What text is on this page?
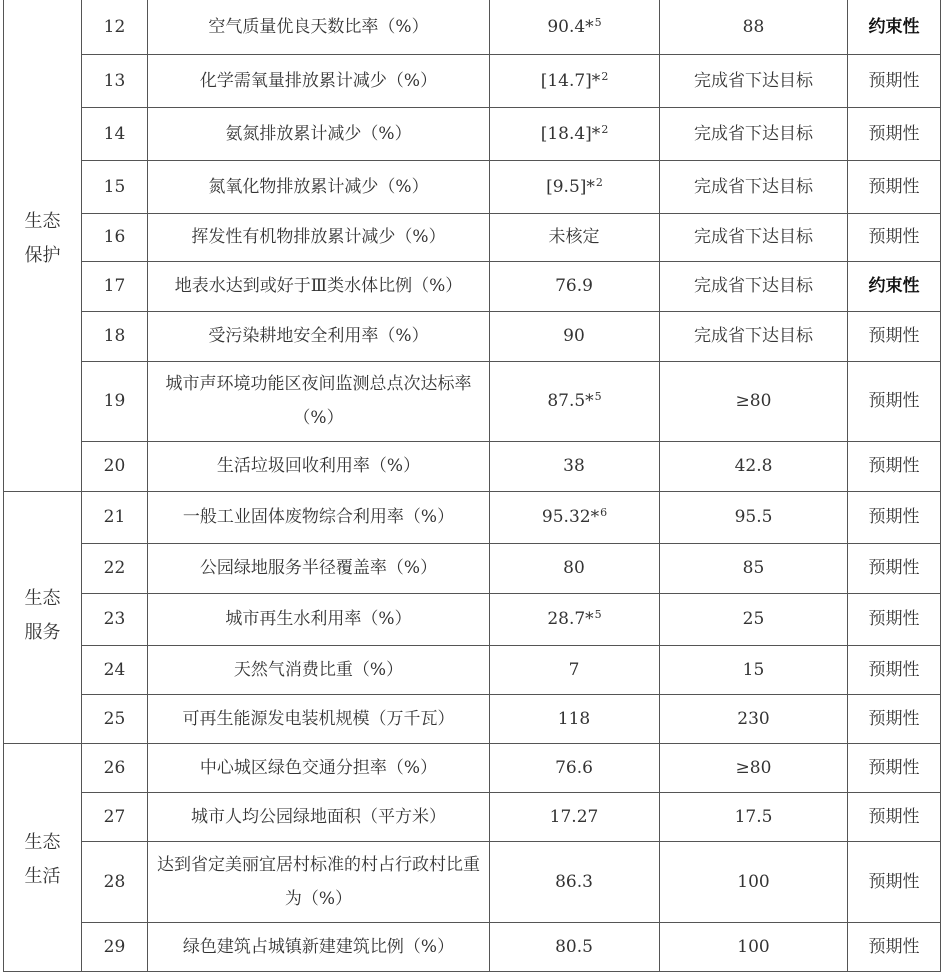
生态
保护	12	空气质量优良天数比率（%）	90.4*$^5$	88	约束性
	13	化学需氧量排放累计减少（%）	[14.7]*$^2$	完成省下达目标	预期性
	14	氨氮排放累计减少（%）	[18.4]*$^2$	完成省下达目标	预期性
	15	氮氧化物排放累计减少（%）	[9.5]*$^2$	完成省下达目标	预期性
	16	挥发性有机物排放累计减少（%）	未核定	完成省下达目标	预期性
	17	地表水达到或好于Ⅲ类水体比例（%）	76.9	完成省下达目标	约束性
	18	受污染耕地安全利用率（%）	90	完成省下达目标	预期性
	19	城市声环境功能区夜间监测总点次达标率（%）	87.5*$^5$	≥80	预期性
	20	生活垃圾回收利用率（%）	38	42.8	预期性

生态
服务	21	一般工业固体废物综合利用率（%）	95.32*$^6$	95.5	预期性
	22	公园绿地服务半径覆盖率（%）	80	85	预期性
	23	城市再生水利用率（%）	28.7*$^5$	25	预期性
	24	天然气消费比重（%）	7	15	预期性
	25	可再生能源发电装机规模（万千瓦）	118	230	预期性

生态
生活	26	中心城区绿色交通分担率（%）	76.6	≥80	预期性
	27	城市人均公园绿地面积（平方米）	17.27	17.5	预期性
	28	达到省定美丽宜居村标准的村占行政村比重为（%）	86.3	100	预期性
	29	绿色建筑占城镇新建建筑比例（%）	80.5	100	预期性
